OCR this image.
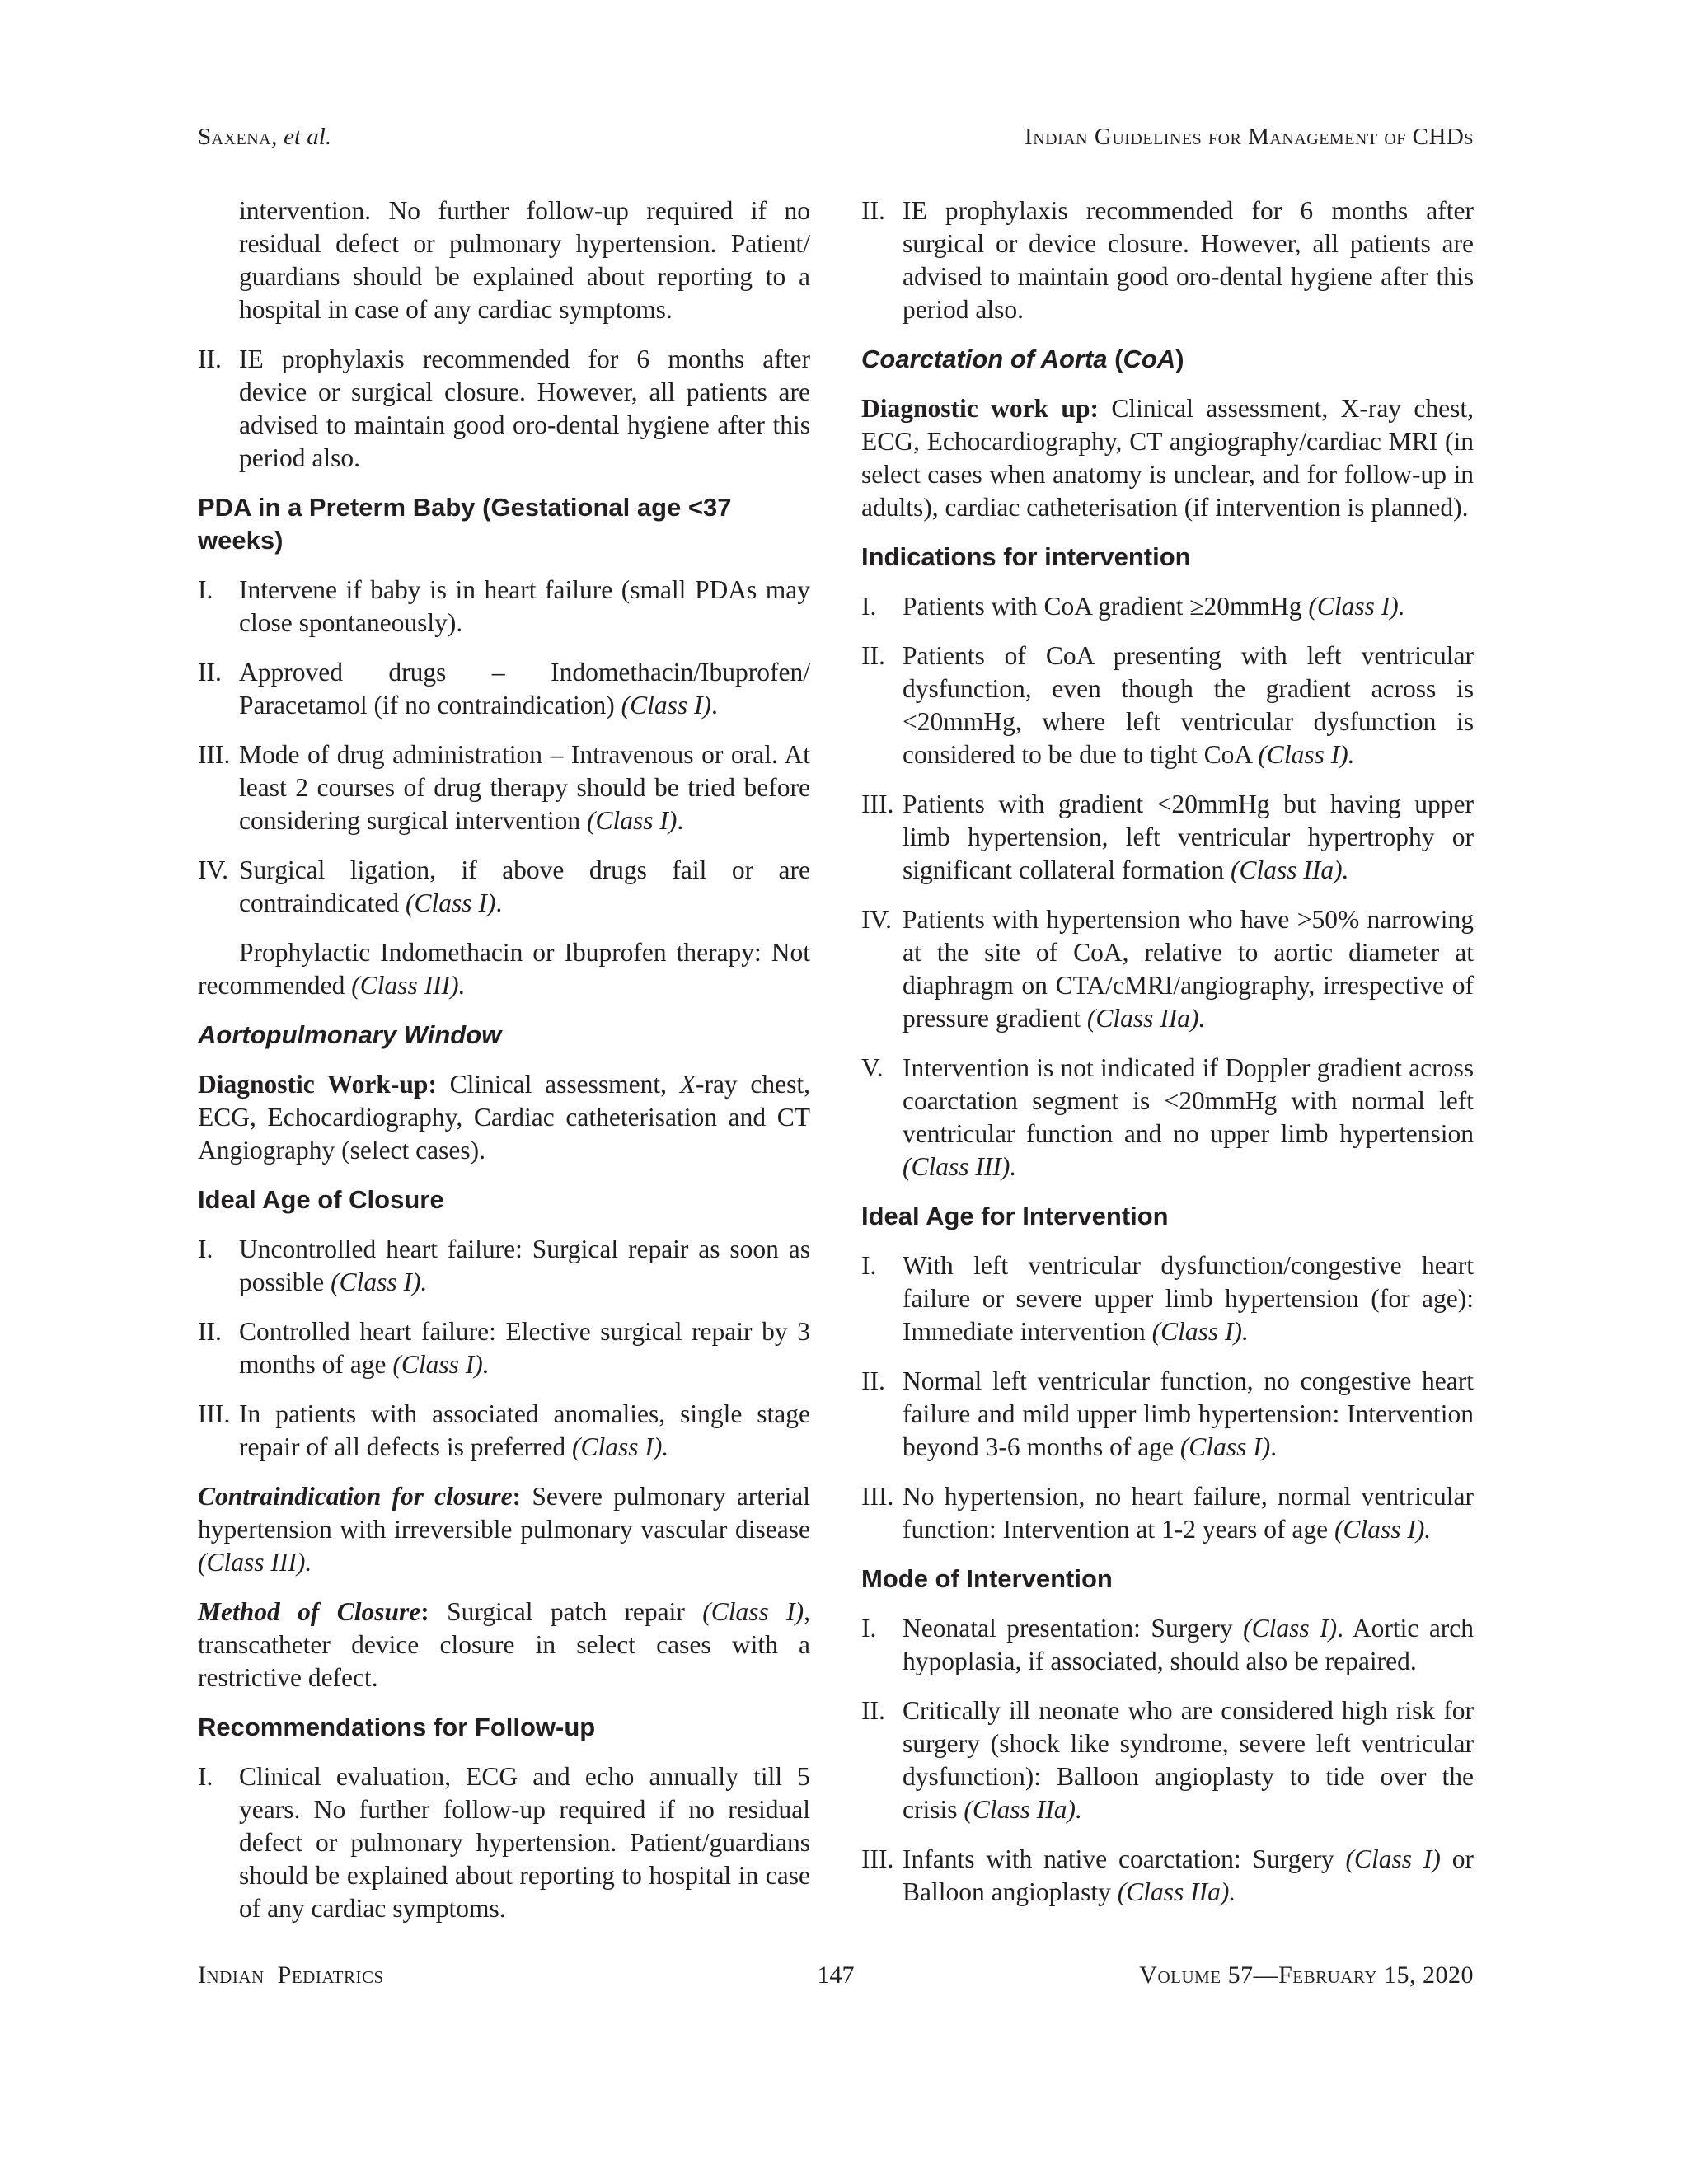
Saxena, et al.	Indian Guidelines for Management of CHDs

intervention. No further follow-up required if no residual defect or pulmonary hypertension. Patient/ guardians should be explained about reporting to a hospital in case of any cardiac symptoms.

II. IE prophylaxis recommended for 6 months after device or surgical closure. However, all patients are advised to maintain good oro-dental hygiene after this period also.
PDA in a Preterm Baby (Gestational age <37 weeks)
I.	Intervene if baby is in heart failure (small PDAs may close spontaneously).
II. Approved drugs – Indomethacin/Ibuprofen/ Paracetamol (if no contraindication) (Class I).
III. Mode of drug administration – Intravenous or oral. At least 2 courses of drug therapy should be tried before considering surgical intervention (Class I).
IV. Surgical ligation, if above drugs fail or are contraindicated (Class I).

Prophylactic Indomethacin or Ibuprofen therapy: Not recommended (Class III).

Aortopulmonary Window

Diagnostic Work-up: Clinical assessment, X-ray chest, ECG, Echocardiography, Cardiac catheterisation and CT Angiography (select cases).

Ideal Age of Closure
I.	Uncontrolled heart failure: Surgical repair as soon as possible (Class I).
II. Controlled heart failure: Elective surgical repair by 3 months of age (Class I).
III. In patients with associated anomalies, single stage repair of all defects is preferred (Class I).

Contraindication for closure: Severe pulmonary arterial hypertension with irreversible pulmonary vascular disease (Class III).

Method of Closure: Surgical patch repair (Class I), transcatheter device closure in select cases with a restrictive defect.

Recommendations for Follow-up
I.	Clinical evaluation, ECG and echo annually till 5 years. No further follow-up required if no residual defect or pulmonary hypertension. Patient/guardians should be explained about reporting to hospital in case of any cardiac symptoms.
II. IE prophylaxis recommended for 6 months after surgical or device closure. However, all patients are advised to maintain good oro-dental hygiene after this period also.
Coarctation of Aorta (CoA)

Diagnostic work up: Clinical assessment, X-ray chest, ECG, Echocardiography, CT angiography/cardiac MRI (in select cases when anatomy is unclear, and for follow-up in adults), cardiac catheterisation (if intervention is planned).

Indications for intervention
I.	Patients with CoA gradient ≥20mmHg (Class I).
II. Patients of CoA presenting with left ventricular dysfunction, even though the gradient across is <20mmHg, where left ventricular dysfunction is considered to be due to tight CoA (Class I).
III. Patients with gradient <20mmHg but having upper limb hypertension, left ventricular hypertrophy or significant collateral formation (Class IIa).
IV. Patients with hypertension who have >50% narrowing at the site of CoA, relative to aortic diameter at diaphragm on CTA/cMRI/angiography, irrespective of pressure gradient (Class IIa).
V. Intervention is not indicated if Doppler gradient across coarctation segment is <20mmHg with normal left ventricular function and no upper limb hypertension (Class III).
Ideal Age for Intervention
I.	With left ventricular dysfunction/congestive heart failure or severe upper limb hypertension (for age): Immediate intervention (Class I).
II. Normal left ventricular function, no congestive heart failure and mild upper limb hypertension: Intervention beyond 3-6 months of age (Class I).
III. No hypertension, no heart failure, normal ventricular function: Intervention at 1-2 years of age (Class I).
Mode of Intervention
I.	Neonatal presentation: Surgery (Class I). Aortic arch hypoplasia, if associated, should also be repaired.
II. Critically ill neonate who are considered high risk for surgery (shock like syndrome, severe left ventricular dysfunction): Balloon angioplasty to tide over the crisis (Class IIa).
III. Infants with native coarctation: Surgery (Class I) or Balloon angioplasty (Class IIa).
Indian  Pediatrics	147	Volume 57—February 15, 2020
